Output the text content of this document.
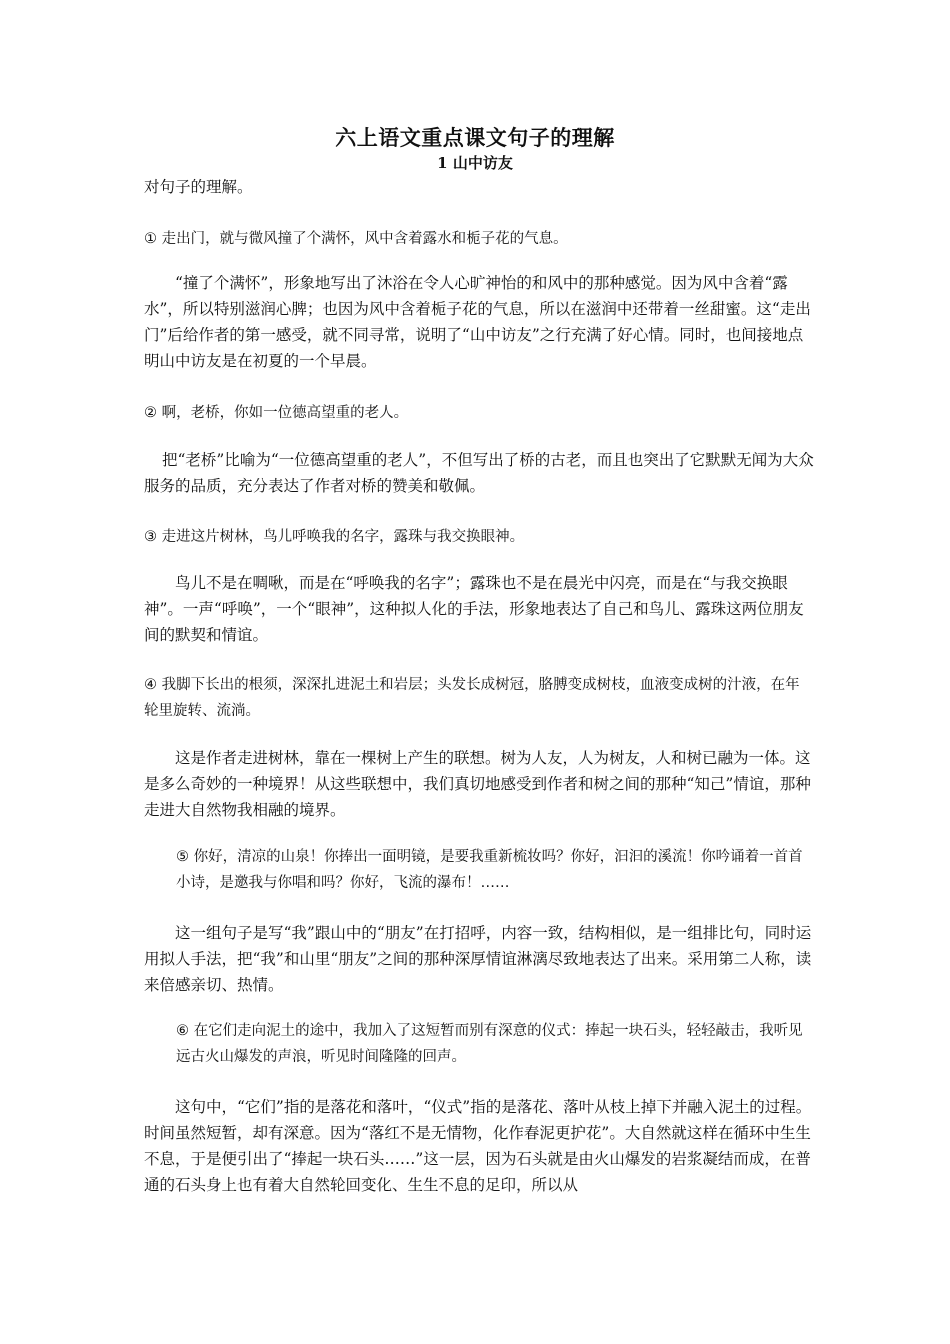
六上语文重点课文句子的理解
1 山中访友
对句子的理解。
① 走出门，就与微风撞了个满怀，风中含着露水和栀子花的气息。
“撞了个满怀”，形象地写出了沐浴在令人心旷神怡的和风中的那种感觉。因为风中含着“露水”，所以特别滋润心脾；也因为风中含着栀子花的气息，所以在滋润中还带着一丝甜蜜。这“走出门”后给作者的第一感受，就不同寻常，说明了“山中访友”之行充满了好心情。同时，也间接地点明山中访友是在初夏的一个早晨。
② 啊，老桥，你如一位德高望重的老人。
把“老桥”比喻为“一位德高望重的老人”，不但写出了桥的古老，而且也突出了它默默无闻为大众服务的品质，充分表达了作者对桥的赞美和敬佩。
③ 走进这片树林，鸟儿呼唤我的名字，露珠与我交换眼神。
鸟儿不是在啁啾，而是在“呼唤我的名字”；露珠也不是在晨光中闪亮，而是在“与我交换眼神”。一声“呼唤”，一个“眼神”，这种拟人化的手法，形象地表达了自己和鸟儿、露珠这两位朋友间的默契和情谊。
④ 我脚下长出的根须，深深扎进泥土和岩层；头发长成树冠，胳膊变成树枝，血液变成树的汁液，在年轮里旋转、流淌。
这是作者走进树林，靠在一棵树上产生的联想。树为人友，人为树友，人和树已融为一体。这是多么奇妙的一种境界！从这些联想中，我们真切地感受到作者和树之间的那种“知己”情谊，那种走进大自然物我相融的境界。
⑤ 你好，清凉的山泉！你捧出一面明镜，是要我重新梳妆吗？你好，汩汩的溪流！你吟诵着一首首小诗，是邀我与你唱和吗？你好，飞流的瀑布！……
这一组句子是写“我”跟山中的“朋友”在打招呼，内容一致，结构相似，是一组排比句，同时运用拟人手法，把“我”和山里“朋友”之间的那种深厚情谊淋漓尽致地表达了出来。采用第二人称，读来倍感亲切、热情。
⑥ 在它们走向泥土的途中，我加入了这短暂而别有深意的仪式：捧起一块石头，轻轻敲击，我听见远古火山爆发的声浪，听见时间隆隆的回声。
这句中，“它们”指的是落花和落叶，“仪式”指的是落花、落叶从枝上掉下并融入泥土的过程。时间虽然短暂，却有深意。因为“落红不是无情物，化作春泥更护花”。大自然就这样在循环中生生不息，于是便引出了“捧起一块石头……”这一层，因为石头就是由火山爆发的岩浆凝结而成，在普通的石头身上也有着大自然轮回变化、生生不息的足印，所以从
